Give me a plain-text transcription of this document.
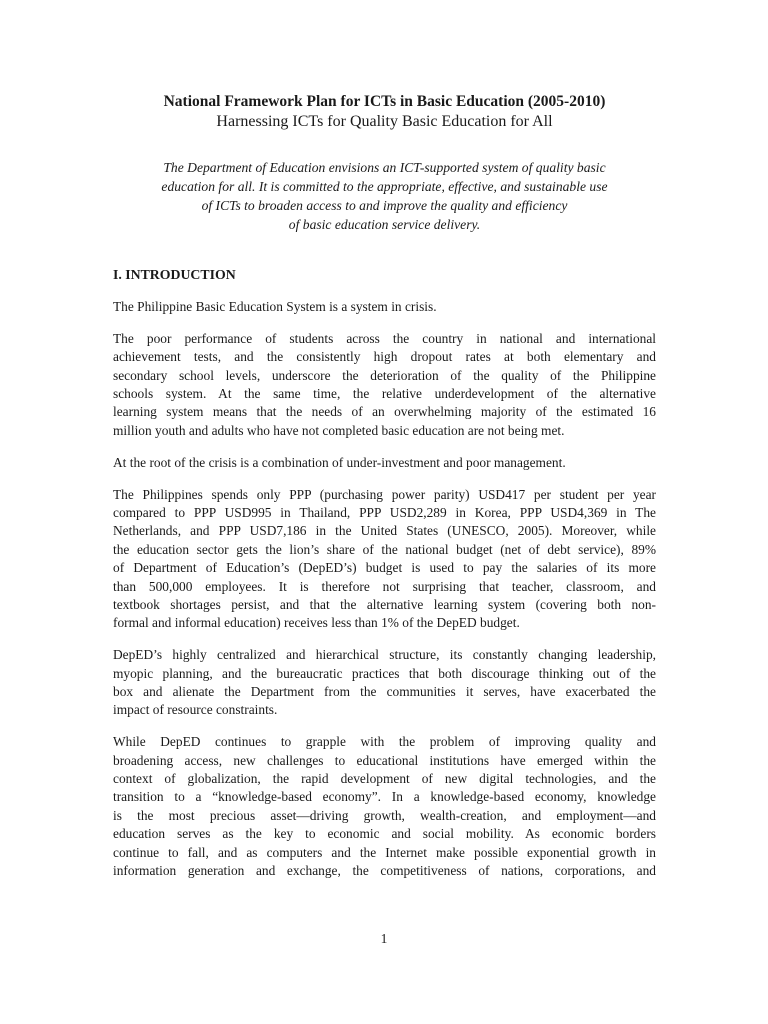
National Framework Plan for ICTs in Basic Education (2005-2010)
Harnessing ICTs for Quality Basic Education for All
The Department of Education envisions an ICT-supported system of quality basic
education for all. It is committed to the appropriate, effective, and sustainable use
of ICTs to broaden access to and improve the quality and efficiency
of basic education service delivery.
I. INTRODUCTION
The Philippine Basic Education System is a system in crisis.
The poor performance of students across the country in national and international
achievement tests, and the consistently high dropout rates at both elementary and
secondary school levels, underscore the deterioration of the quality of the Philippine
schools system. At the same time, the relative underdevelopment of the alternative
learning system means that the needs of an overwhelming majority of the estimated 16
million youth and adults who have not completed basic education are not being met.
At the root of the crisis is a combination of under-investment and poor management.
The Philippines spends only PPP (purchasing power parity) USD417 per student per year
compared to PPP USD995 in Thailand, PPP USD2,289 in Korea, PPP USD4,369 in The
Netherlands, and PPP USD7,186 in the United States (UNESCO, 2005). Moreover, while
the education sector gets the lion’s share of the national budget (net of debt service), 89%
of Department of Education’s (DepED’s) budget is used to pay the salaries of its more
than 500,000 employees. It is therefore not surprising that teacher, classroom, and
textbook shortages persist, and that the alternative learning system (covering both non-
formal and informal education) receives less than 1% of the DepED budget.
DepED’s highly centralized and hierarchical structure, its constantly changing leadership,
myopic planning, and the bureaucratic practices that both discourage thinking out of the
box and alienate the Department from the communities it serves, have exacerbated the
impact of resource constraints.
While DepED continues to grapple with the problem of improving quality and
broadening access, new challenges to educational institutions have emerged within the
context of globalization, the rapid development of new digital technologies, and the
transition to a “knowledge-based economy”. In a knowledge-based economy, knowledge
is the most precious asset—driving growth, wealth-creation, and employment—and
education serves as the key to economic and social mobility. As economic borders
continue to fall, and as computers and the Internet make possible exponential growth in
information generation and exchange, the competitiveness of nations, corporations, and
1
